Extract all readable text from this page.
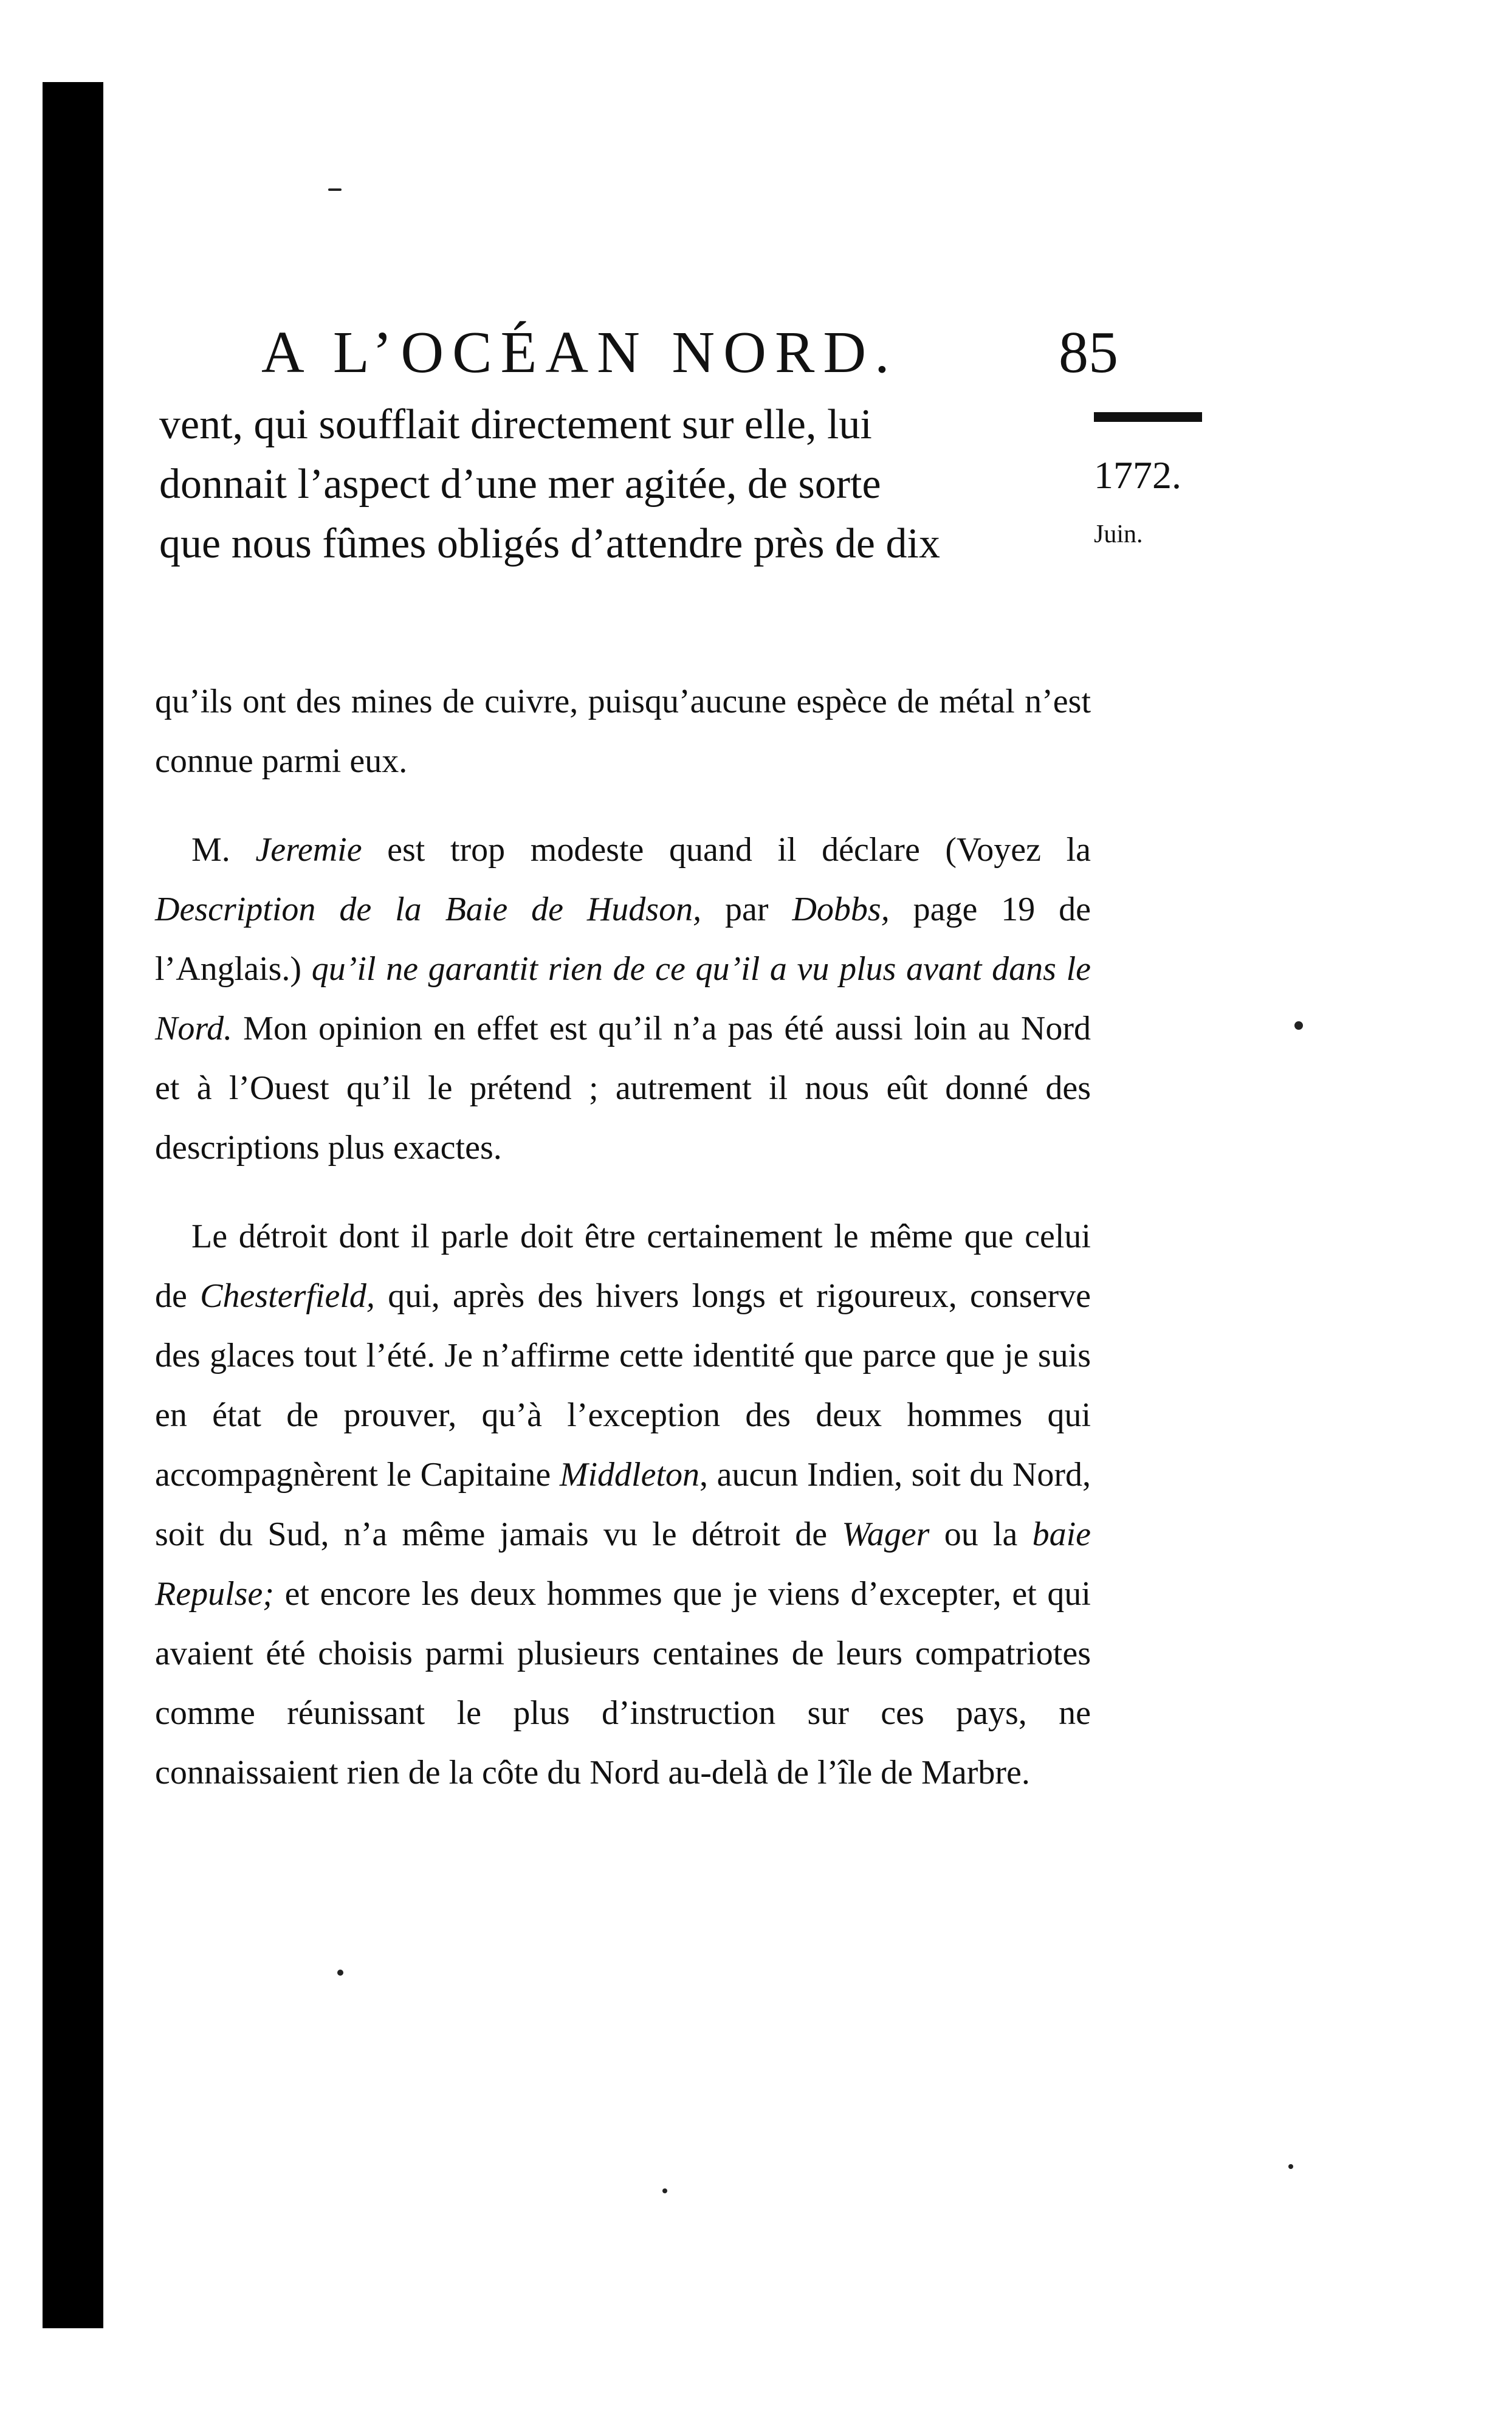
A L’OCÉAN NORD.	85
vent, qui soufflait directement sur elle, lui
donnait l’aspect d’une mer agitée, de sorte
que nous fûmes obligés d’attendre près de dix
1772.
Juin.

qu’ils ont des mines de cuivre, puisqu’aucune espèce de métal n’est connue parmi eux.

M. Jeremie est trop modeste quand il déclare (Voyez la Description de la Baie de Hudson, par Dobbs, page 19 de l’Anglais.) qu’il ne garantit rien de ce qu’il a vu plus avant dans le Nord. Mon opinion en effet est qu’il n’a pas été aussi loin au Nord et à l’Ouest qu’il le prétend ; autrement il nous eût donné des descriptions plus exactes.

Le détroit dont il parle doit être certainement le même que celui de Chesterfield, qui, après des hivers longs et rigoureux, conserve des glaces tout l’été. Je n’affirme cette identité que parce que je suis en état de prouver, qu’à l’exception des deux hommes qui accompagnèrent le Capitaine Middleton, aucun Indien, soit du Nord, soit du Sud, n’a même jamais vu le détroit de Wager ou la baie Repulse; et encore les deux hommes que je viens d’excepter, et qui avaient été choisis parmi plusieurs centaines de leurs compatriotes comme réunissant le plus d’instruction sur ces pays, ne connaissaient rien de la côte du Nord au-delà de l’île de Marbre.
